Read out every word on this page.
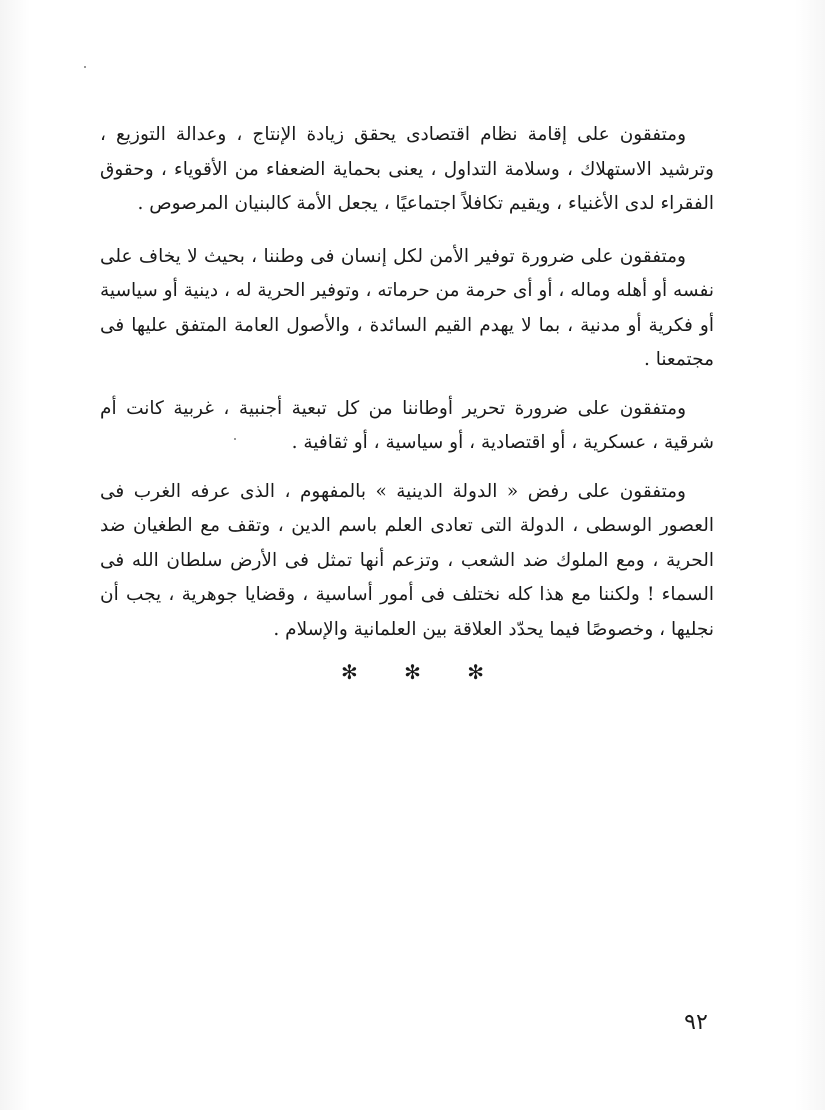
ومتفقون على إقامة نظام اقتصادى يحقق زيادة الإنتاج ، وعدالة التوزيع ، وترشيد الاستهلاك ، وسلامة التداول ، يعنى بحماية الضعفاء من الأقوياء ، وحقوق الفقراء لدى الأغنياء ، ويقيم تكافلاً اجتماعيًا ، يجعل الأمة كالبنيان المرصوص .

ومتفقون على ضرورة توفير الأمن لكل إنسان فى وطننا ، بحيث لا يخاف على نفسه أو أهله وماله ، أو أى حرمة من حرماته ، وتوفير الحرية له ، دينية أو سياسية أو فكرية أو مدنية ، بما لا يهدم القيم السائدة ، والأصول العامة المتفق عليها فى مجتمعنا .

ومتفقون على ضرورة تحرير أوطاننا من كل تبعية أجنبية ، غربية كانت أم شرقية ، عسكرية ، أو اقتصادية ، أو سياسية ، أو ثقافية .

ومتفقون على رفض « الدولة الدينية » بالمفهوم ، الذى عرفه الغرب فى العصور الوسطى ، الدولة التى تعادى العلم باسم الدين ، وتقف مع الطغيان ضد الحرية ، ومع الملوك ضد الشعب ، وتزعم أنها تمثل فى الأرض سلطان الله فى السماء ! ولكننا مع هذا كله نختلف فى أمور أساسية ، وقضايا جوهرية ، يجب أن نجليها ، وخصوصًا فيما يحدّد العلاقة بين العلمانية والإسلام .

✻ ✻ ✻
٩٢
